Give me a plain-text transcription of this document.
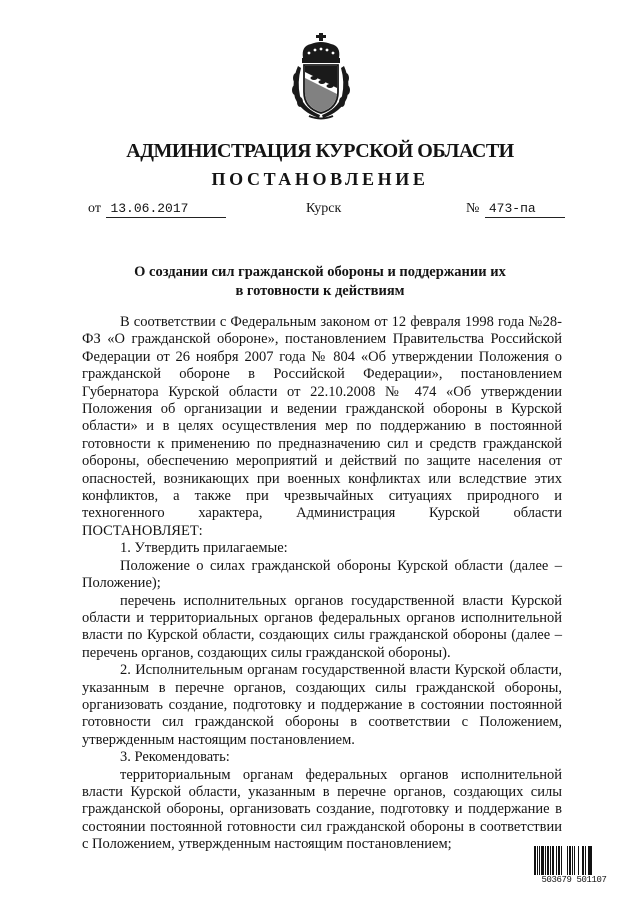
АДМИНИСТРАЦИЯ КУРСКОЙ ОБЛАСТИ
ПОСТАНОВЛЕНИЕ
от 13.06.2017	Курск	№ 473-па
О создании сил гражданской обороны и поддержании их
в готовности к действиям

В соответствии с Федеральным законом от 12 февраля 1998 года №28-ФЗ «О гражданской обороне», постановлением Правительства Российской Федерации от 26 ноября 2007 года № 804 «Об утверждении Положения о гражданской обороне в Российской Федерации», постановлением Губернатора Курской области от 22.10.2008 № 474 «Об утверждении Положения об организации и ведении гражданской обороны в Курской области» и в целях осуществления мер по поддержанию в постоянной готовности к применению по предназначению сил и средств гражданской обороны, обеспечению мероприятий и действий по защите населения от опасностей, возникающих при военных конфликтах или вследствие этих конфликтов, а также при чрезвычайных ситуациях природного и техногенного характера, Администрация Курской области ПОСТАНОВЛЯЕТ:

1. Утвердить прилагаемые:

Положение о силах гражданской обороны Курской области (далее – Положение);

перечень исполнительных органов государственной власти Курской области и территориальных органов федеральных органов исполнительной власти по Курской области, создающих силы гражданской обороны (далее – перечень органов, создающих силы гражданской обороны).

2. Исполнительным органам государственной власти Курской области, указанным в перечне органов, создающих силы гражданской обороны, организовать создание, подготовку и поддержание в состоянии постоянной готовности сил гражданской обороны в соответствии с Положением, утвержденным настоящим постановлением.

3. Рекомендовать:

территориальным органам федеральных органов исполнительной власти Курской области, указанным в перечне органов, создающих силы гражданской обороны, организовать создание, подготовку и поддержание в состоянии постоянной готовности сил гражданской обороны в соответствии с Положением, утвержденным настоящим постановлением;

503679 501107
